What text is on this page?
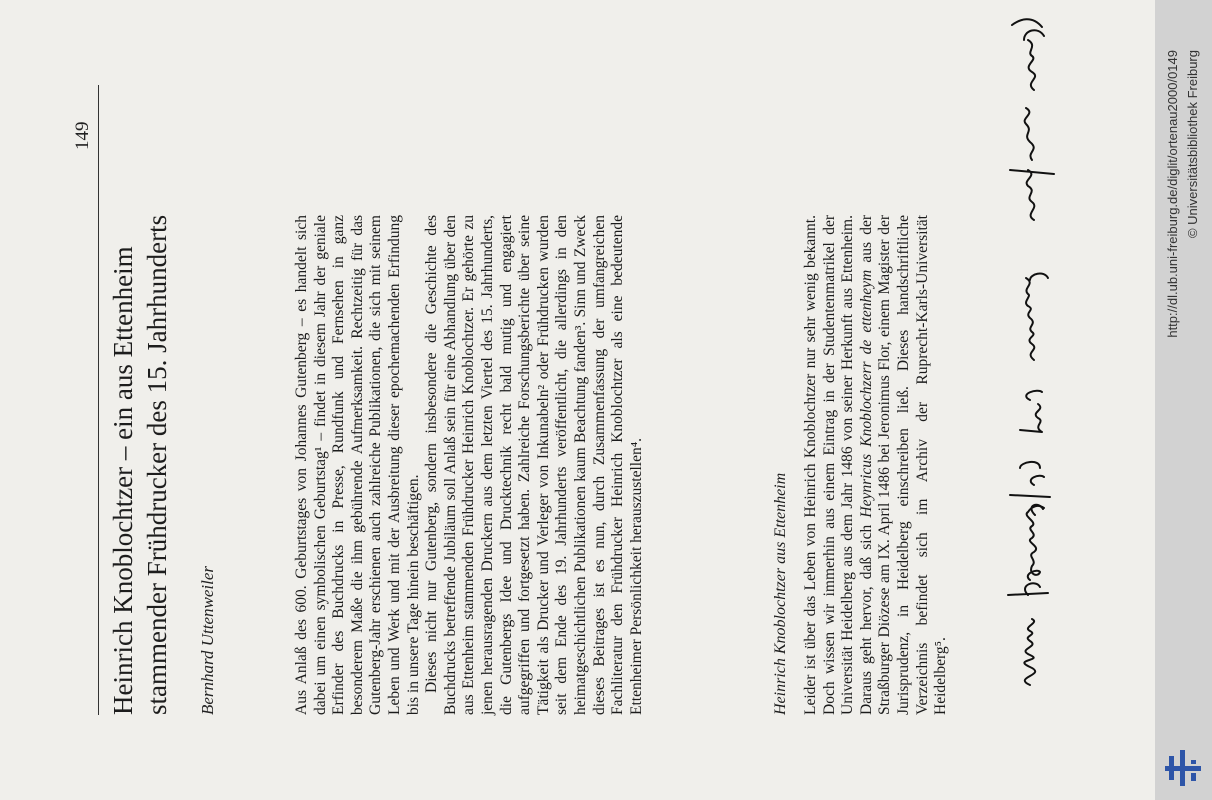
149
Heinrich Knoblochtzer – ein aus Ettenheim stammender Frühdrucker des 15. Jahrhunderts Bernhard Uttenweiler	Aus Anlaß des 600. Geburtstages von Johannes Gutenberg – es handelt sich dabei um einen symbolischen Geburtstag¹ – findet in diesem Jahr der geniale Erfinder des Buchdrucks in Presse, Rundfunk und Fernsehen in ganz besonderem Maße die ihm gebührende Aufmerksamkeit. Rechtzeitig für das Gutenberg-Jahr erschienen auch zahlreiche Publikationen, die sich mit seinem Leben und Werk und mit der Ausbreitung dieser epochemachenden Erfindung bis in unsere Tage hinein beschäftigen. Dieses nicht nur Gutenberg, sondern insbesondere die Geschichte des Buchdrucks betreffende Jubiläum soll Anlaß sein für eine Abhandlung über den aus Ettenheim stammenden Frühdrucker Heinrich Knoblochtzer. Er gehörte zu jenen herausragenden Druckern aus dem letzten Viertel des 15. Jahrhunderts, die Gutenbergs Idee und Drucktechnik recht bald mutig und engagiert aufgegriffen und fortgesetzt haben. Zahlreiche Forschungsberichte über seine Tätigkeit als Drucker und Verleger von Inkunabeln² oder Frühdrucken wurden seit dem Ende des 19. Jahrhunderts veröffentlicht, die allerdings in den heimatgeschichtlichen Publikationen kaum Beachtung fanden³. Sinn und Zweck dieses Beitrages ist es nun, durch Zusammenfassung der umfangreichen Fachliteratur den Frühdrucker Heinrich Knoblochtzer als eine bedeutende Ettenheimer Persönlichkeit herauszustellen⁴.	Heinrich Knoblochtzer aus Ettenheim Leider ist über das Leben von Heinrich Knoblochtzer nur sehr wenig bekannt. Doch wissen wir immerhin aus einem Eintrag in der Studentenmatrikel der Universität Heidelberg aus dem Jahr 1486 von seiner Herkunft aus Ettenheim. Daraus geht hervor, daß sich Heynricus Knoblochzerr de ettenheym aus der Straßburger Diözese am IX. April 1486 bei Jeronimus Flor, einem Magister der Jurisprudenz, in Heidelberg einschreiben ließ. Dieses handschriftliche Verzeichnis befindet sich im Archiv der Ruprecht-Karls-Universität Heidelberg⁵.

http://dl.ub.uni-freiburg.de/diglit/ortenau2000/0149 © Universitätsbibliothek Freiburg
